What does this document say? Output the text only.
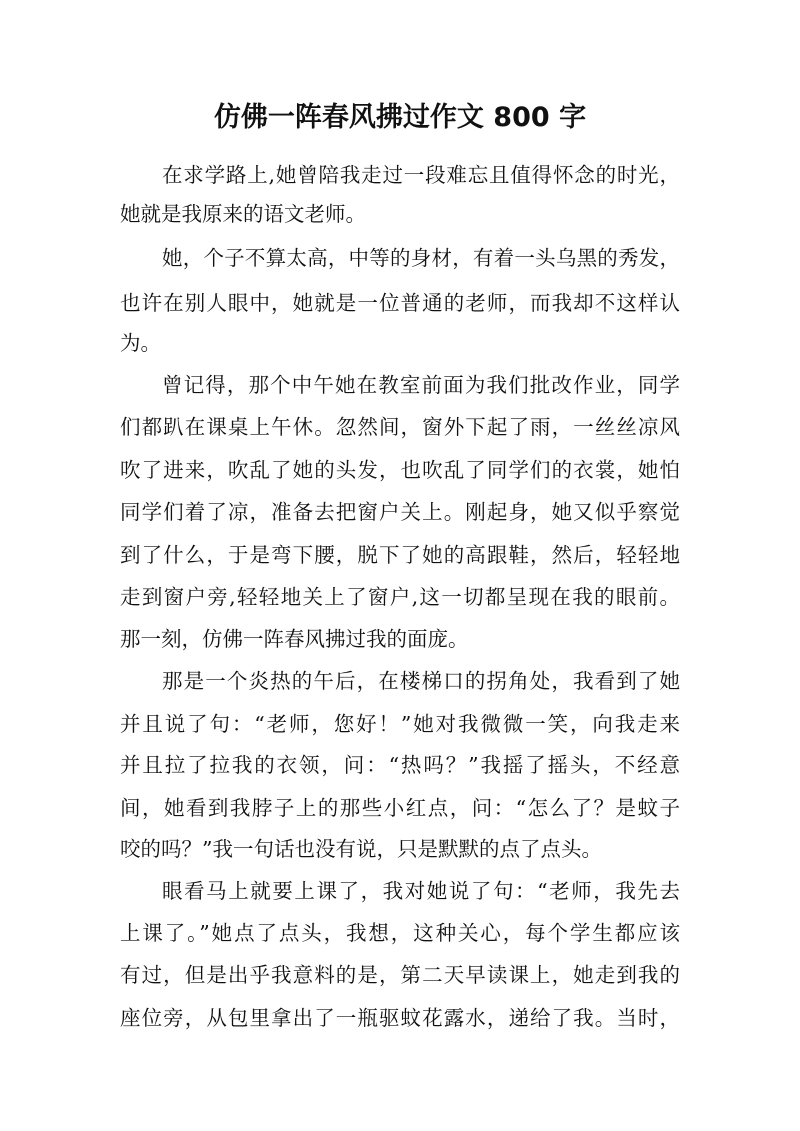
仿佛一阵春风拂过作文 800 字
在求学路上,她曾陪我走过一段难忘且值得怀念的时光，
她就是我原来的语文老师。
她，个子不算太高，中等的身材，有着一头乌黑的秀发，
也许在别人眼中，她就是一位普通的老师，而我却不这样认
为。
曾记得，那个中午她在教室前面为我们批改作业，同学
们都趴在课桌上午休。忽然间，窗外下起了雨，一丝丝凉风
吹了进来，吹乱了她的头发，也吹乱了同学们的衣裳，她怕
同学们着了凉，准备去把窗户关上。刚起身，她又似乎察觉
到了什么，于是弯下腰，脱下了她的高跟鞋，然后，轻轻地
走到窗户旁,轻轻地关上了窗户,这一切都呈现在我的眼前。
那一刻，仿佛一阵春风拂过我的面庞。
那是一个炎热的午后，在楼梯口的拐角处，我看到了她
并且说了句：“老师，您好！”她对我微微一笑，向我走来
并且拉了拉我的衣领，问：“热吗？”我摇了摇头，不经意
间，她看到我脖子上的那些小红点，问：“怎么了？是蚊子
咬的吗？”我一句话也没有说，只是默默的点了点头。
眼看马上就要上课了，我对她说了句：“老师，我先去
上课了。”她点了点头，我想，这种关心，每个学生都应该
有过，但是出乎我意料的是，第二天早读课上，她走到我的
座位旁，从包里拿出了一瓶驱蚊花露水，递给了我。当时，
